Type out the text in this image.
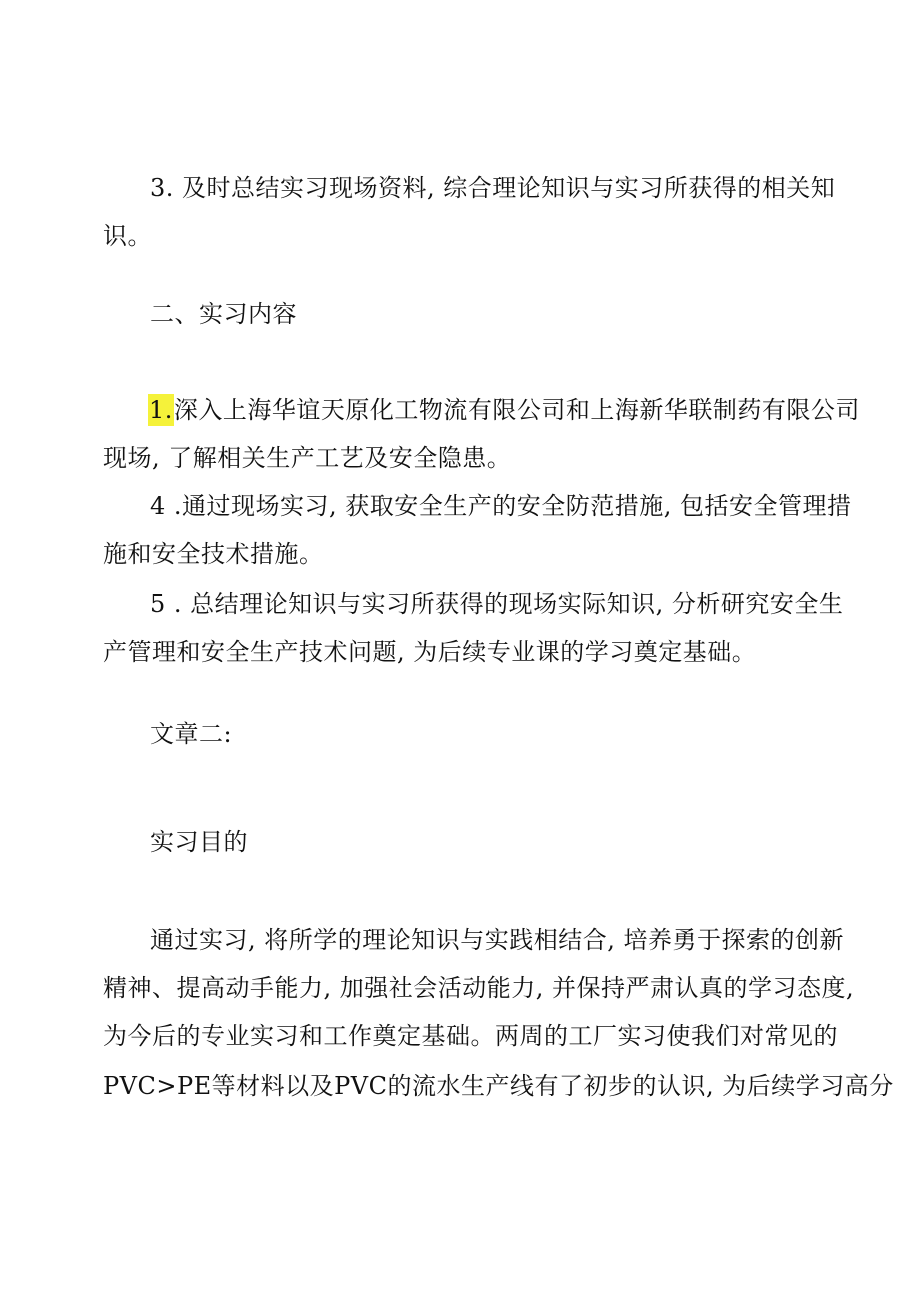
3. 及时总结实习现场资料, 综合理论知识与实习所获得的相关知
识。
二、实习内容
1.深入上海华谊天原化工物流有限公司和上海新华联制药有限公司
现场, 了解相关生产工艺及安全隐患。
4 .通过现场实习, 获取安全生产的安全防范措施, 包括安全管理措
施和安全技术措施。
5 . 总结理论知识与实习所获得的现场实际知识, 分析研究安全生
产管理和安全生产技术问题, 为后续专业课的学习奠定基础。
文章二:
实习目的
通过实习, 将所学的理论知识与实践相结合, 培养勇于探索的创新
精神、提高动手能力, 加强社会活动能力, 并保持严肃认真的学习态度,
为今后的专业实习和工作奠定基础。两周的工厂实习使我们对常见的
PVC>PE等材料以及PVC的流水生产线有了初步的认识, 为后续学习高分
